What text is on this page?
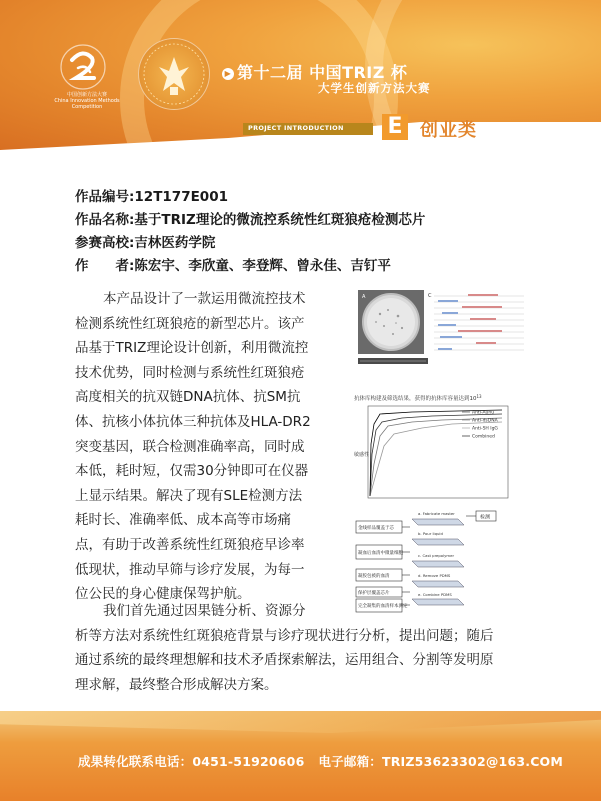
中国创新方法大赛
China Innovation Methods Competition
▶ 第十二届 中国TRIZ 杯
大学生创新方法大赛
PROJECT INTRODUCTION E 创业类
作品编号:12T177E001
作品名称:基于TRIZ理论的微流控系统性红斑狼疮检测芯片
参赛高校:吉林医药学院
作　　者:陈宏宇、李欣童、李登辉、曾永佳、吉钉平
本产品设计了一款运用微流控技术
检测系统性红斑狼疮的新型芯片。该产
品基于TRIZ理论设计创新，利用微流控
技术优势，同时检测与系统性红斑狼疮
高度相关的抗双链DNA抗体、抗SM抗
体、抗核小体抗体三种抗体及HLA-DR2
突变基因，联合检测准确率高，同时成
本低，耗时短，仅需30分钟即可在仪器
上显示结果。解决了现有SLE检测方法
耗时长、准确率低、成本高等市场痛
点，有助于改善系统性红斑狼疮早诊率
低现状，推动早筛与诊疗发展，为每一
位公民的身心健康保驾护航。
我们首先通过因果链分析、资源分
析等方法对系统性红斑狼疮背景与诊疗现状进行分析，提出问题；随后
通过系统的最终理想解和技术矛盾探索解法，运用组合、分割等发明原
理求解，最终整合形成解决方案。
A	C
抗体库构建及筛选结果，获得的抗体库容量达到$10^{13}$
敏感性
Anti-Aunu
Anti-dsDNA
Anti-SH IgG
Combined
金线样品覆盖于芯
凝血后血清中微量细胞
凝胶包被的血清
保护层覆盖芯片
完全凝集的血清样本测定
a. Fabricate master
b. Pour liquid
c. Cast prepolymer
d. Remove PDMS
e. Combine PDMS
检测
成果转化联系电话：0451-51920606 电子邮箱：TRIZ53623302@163.COM
